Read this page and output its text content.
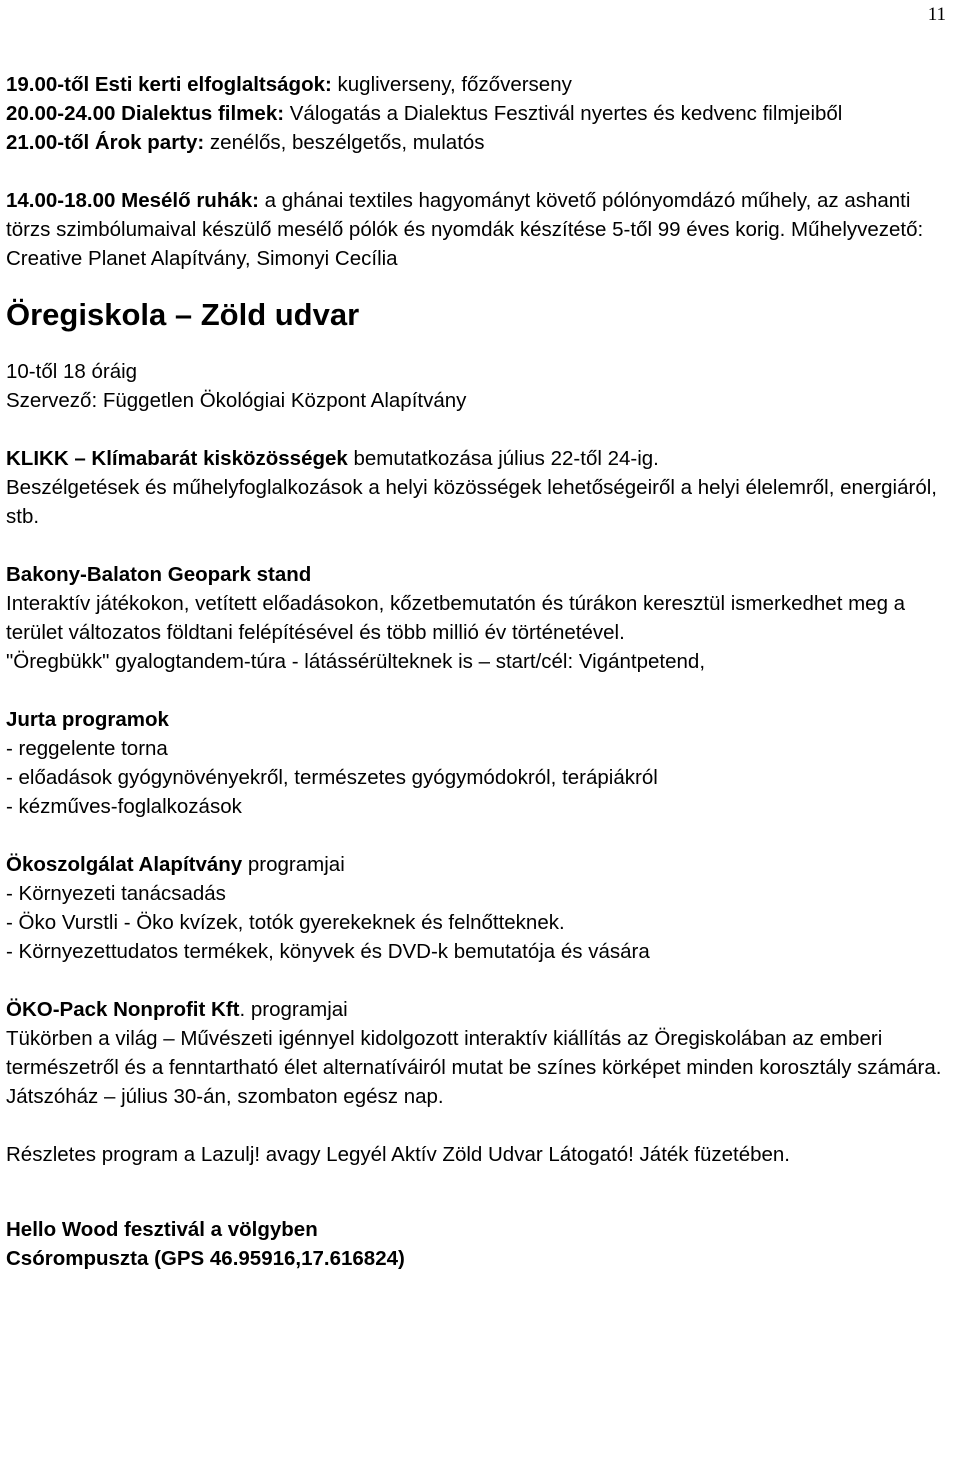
11

19.00-től Esti kerti elfoglaltságok: kugliverseny, főzőverseny

20.00-24.00 Dialektus filmek: Válogatás a Dialektus Fesztivál nyertes és kedvenc filmjeiből

21.00-től Árok party: zenélős, beszélgetős, mulatós

14.00-18.00 Mesélő ruhák: a ghánai textiles hagyományt követő pólónyomdázó műhely, az ashanti törzs szimbólumaival készülő mesélő pólók és nyomdák készítése 5-től 99 éves korig. Műhelyvezető: Creative Planet Alapítvány, Simonyi Cecília

Öregiskola – Zöld udvar

10-től 18 óráig

Szervező: Független Ökológiai Központ Alapítvány

KLIKK – Klímabarát kisközösségek bemutatkozása július 22-től 24-ig.

Beszélgetések és műhelyfoglalkozások a helyi közösségek lehetőségeiről a helyi élelemről, energiáról, stb.

Bakony-Balaton Geopark stand

Interaktív játékokon, vetített előadásokon, kőzetbemutatón és túrákon keresztül ismerkedhet meg a terület változatos földtani felépítésével és több millió év történetével.

"Öregbükk" gyalogtandem-túra - látássérülteknek is – start/cél: Vigántpetend,

Jurta programok

- reggelente torna

- előadások gyógynövényekről, természetes gyógymódokról, terápiákról

- kézműves-foglalkozások

Ökoszolgálat Alapítvány programjai

- Környezeti tanácsadás

- Öko Vurstli - Öko kvízek, totók gyerekeknek és felnőtteknek.

- Környezettudatos termékek, könyvek és DVD-k bemutatója és vására

ÖKO-Pack Nonprofit Kft. programjai

Tükörben a világ – Művészeti igénnyel kidolgozott interaktív kiállítás az Öregiskolában az emberi természetről és a fenntartható élet alternatíváiról mutat be színes körképet minden korosztály számára.

Játszóház – július 30-án, szombaton egész nap.

Részletes program a Lazulj! avagy Legyél Aktív Zöld Udvar Látogató! Játék füzetében.

Hello Wood fesztivál a völgyben

Csórompuszta (GPS 46.95916,17.616824)
